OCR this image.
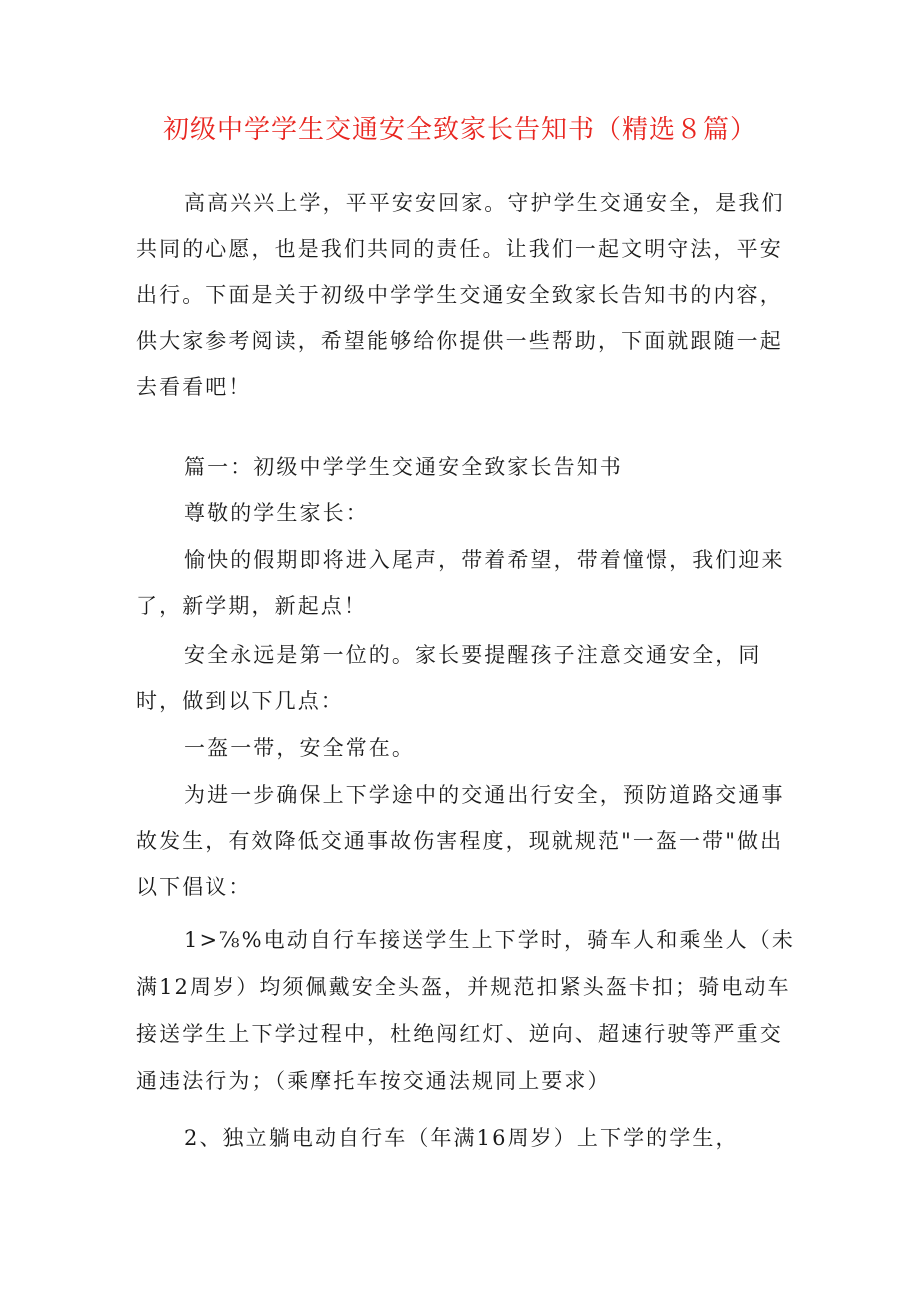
初级中学学生交通安全致家长告知书（精选８篇）

高高兴兴上学，平平安安回家。守护学生交通安全，是我们共同的心愿，也是我们共同的责任。让我们一起文明守法，平安出行。下面是关于初级中学学生交通安全致家长告知书的内容，供大家参考阅读，希望能够给你提供一些帮助，下面就跟随一起去看看吧！

篇一：初级中学学生交通安全致家长告知书

尊敬的学生家长：

愉快的假期即将进入尾声，带着希望，带着憧憬，我们迎来了，新学期，新起点！

安全永远是第一位的。家长要提醒孩子注意交通安全，同时，做到以下几点：

一盔一带，安全常在。

为进一步确保上下学途中的交通出行安全，预防道路交通事故发生，有效降低交通事故伤害程度，现就规范"一盔一带"做出以下倡议：

1>⅞%电动自行车接送学生上下学时，骑车人和乘坐人（未满12周岁）均须佩戴安全头盔，并规范扣紧头盔卡扣；骑电动车接送学生上下学过程中，杜绝闯红灯、逆向、超速行驶等严重交通违法行为；（乘摩托车按交通法规同上要求）

2、独立躺电动自行车（年满16周岁）上下学的学生，
